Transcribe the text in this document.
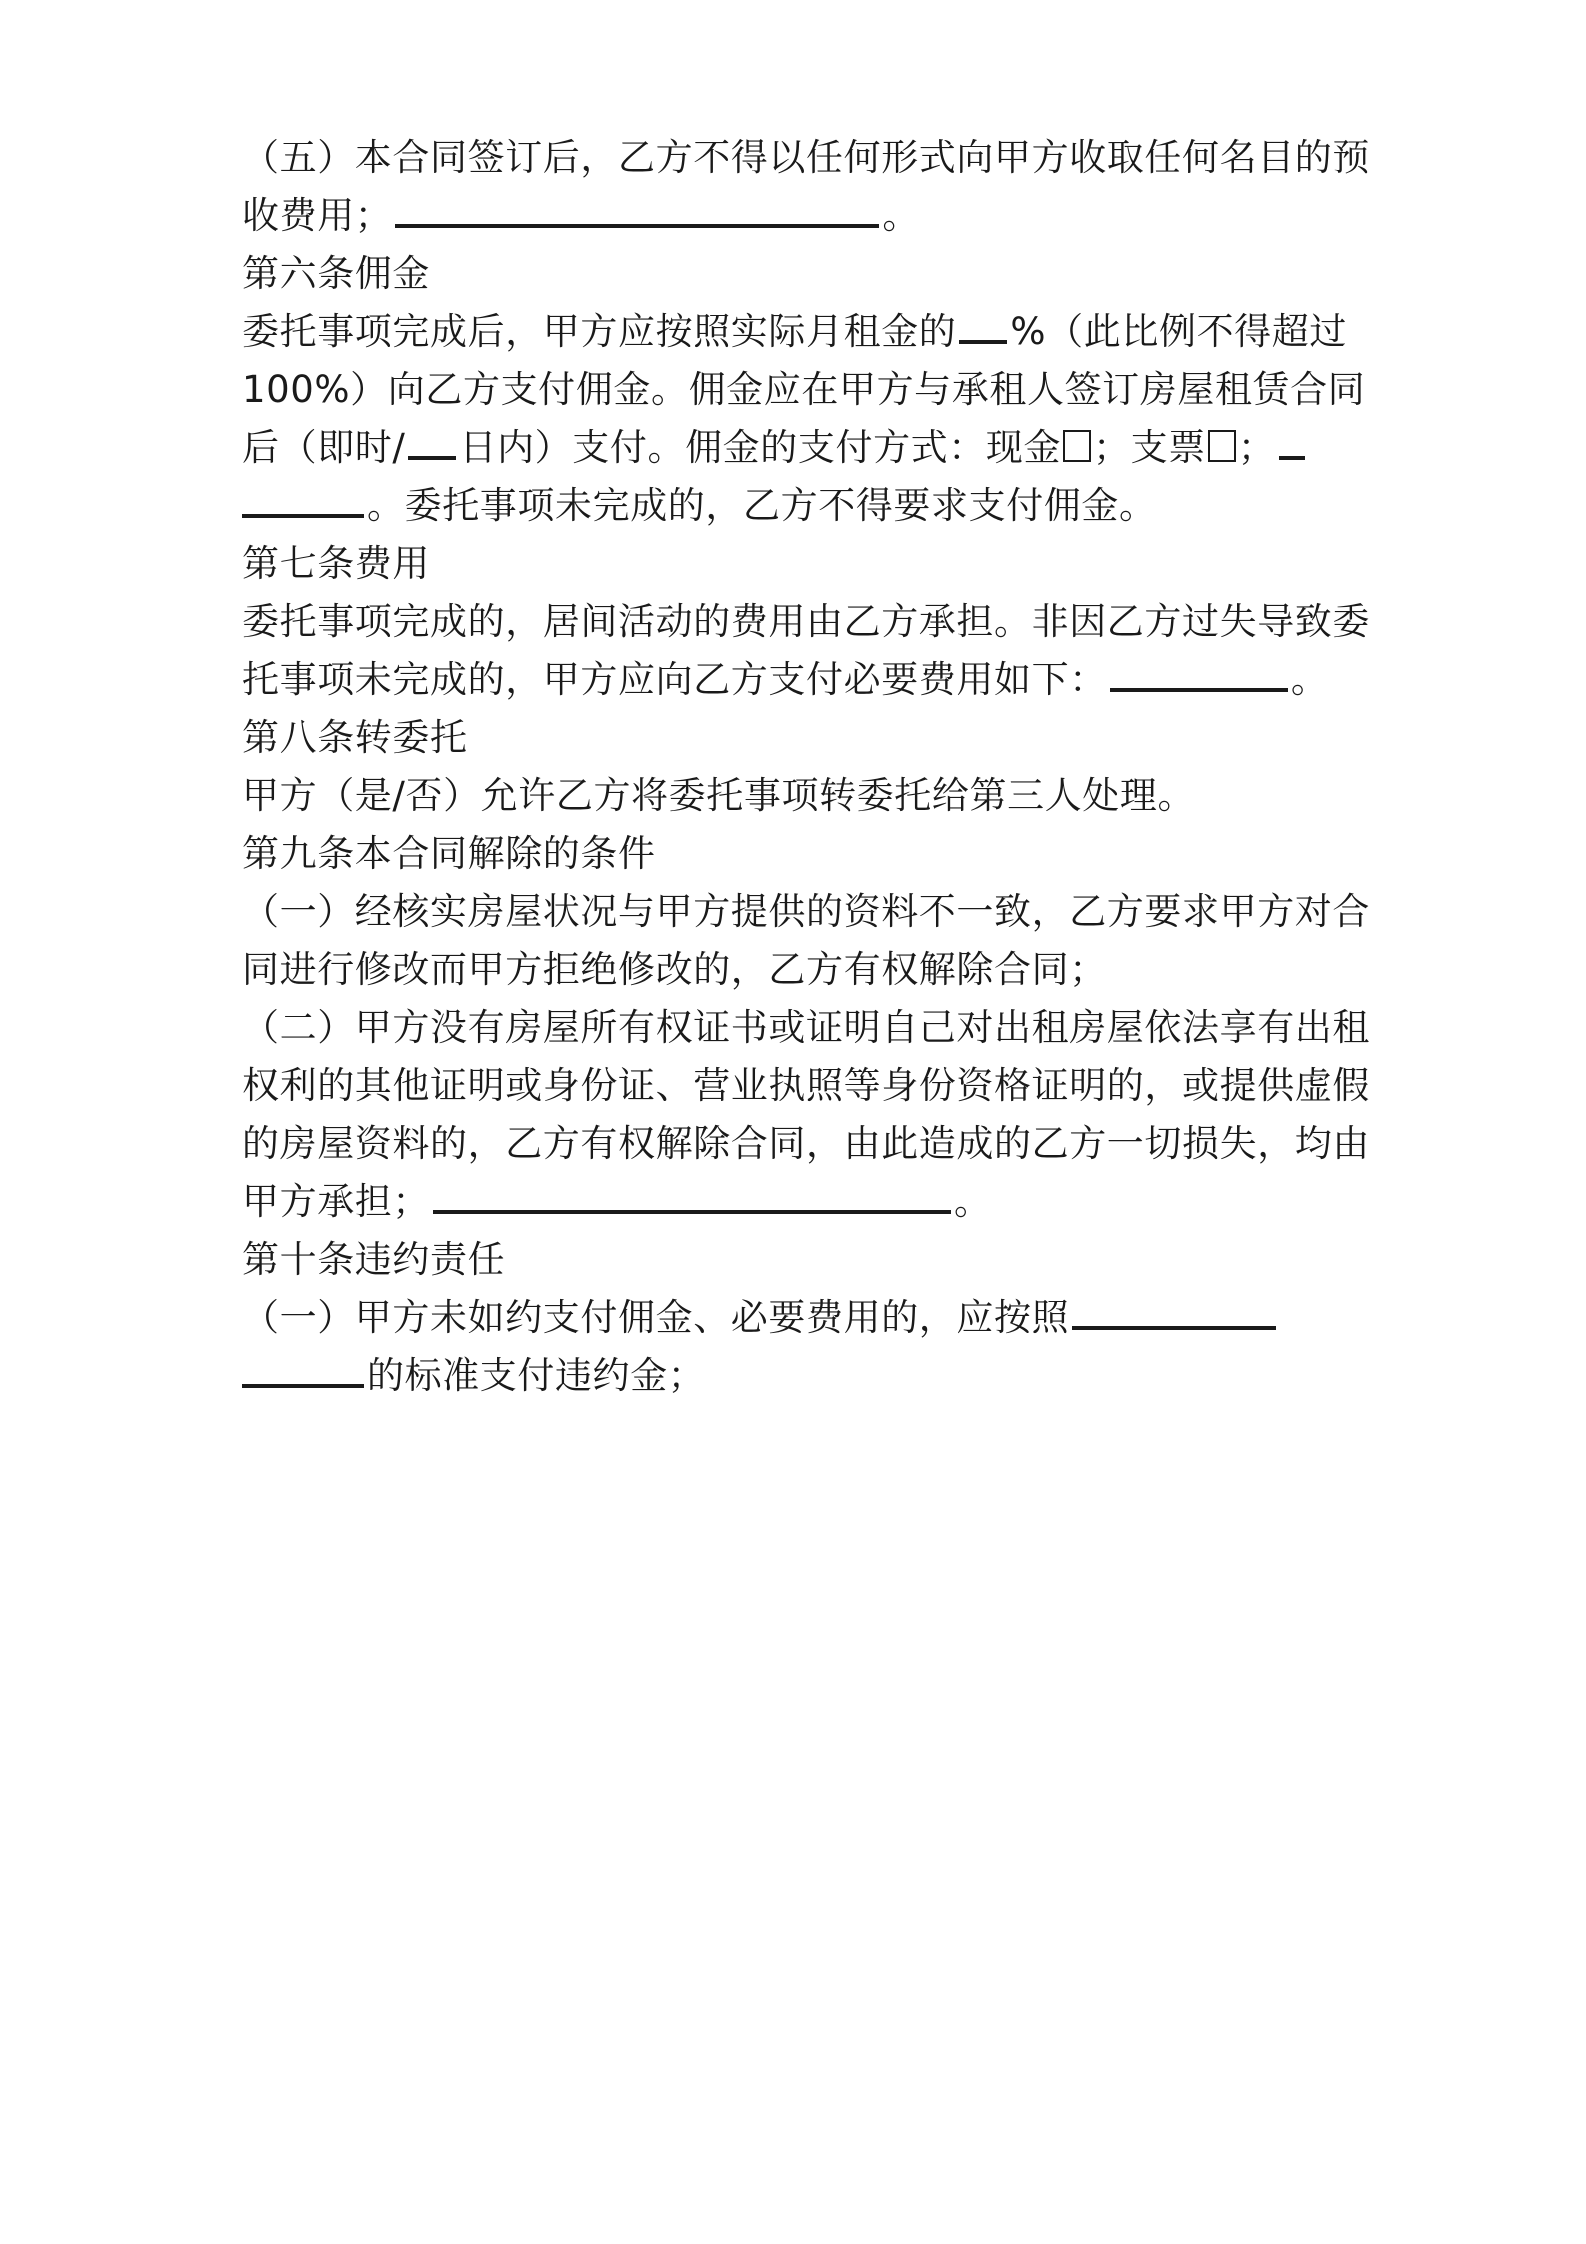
（五）本合同签订后，乙方不得以任何形式向甲方收取任何名目的预
收费用；	。
第六条佣金
委托事项完成后，甲方应按照实际月租金的 %（此比例不得超过
100%）向乙方支付佣金。佣金应在甲方与承租人签订房屋租赁合同
后（即时/ 日内）支付。佣金的支付方式：现金 ；支票 ；
。委托事项未完成的，乙方不得要求支付佣金。
第七条费用
委托事项完成的，居间活动的费用由乙方承担。非因乙方过失导致委
托事项未完成的，甲方应向乙方支付必要费用如下：	。
第八条转委托
甲方（是/否）允许乙方将委托事项转委托给第三人处理。
第九条本合同解除的条件
（一）经核实房屋状况与甲方提供的资料不一致，乙方要求甲方对合
同进行修改而甲方拒绝修改的，乙方有权解除合同；
（二）甲方没有房屋所有权证书或证明自己对出租房屋依法享有出租
权利的其他证明或身份证、营业执照等身份资格证明的，或提供虚假
的房屋资料的，乙方有权解除合同，由此造成的乙方一切损失，均由
甲方承担；	。
第十条违约责任
（一）甲方未如约支付佣金、必要费用的，应按照
的标准支付违约金；
